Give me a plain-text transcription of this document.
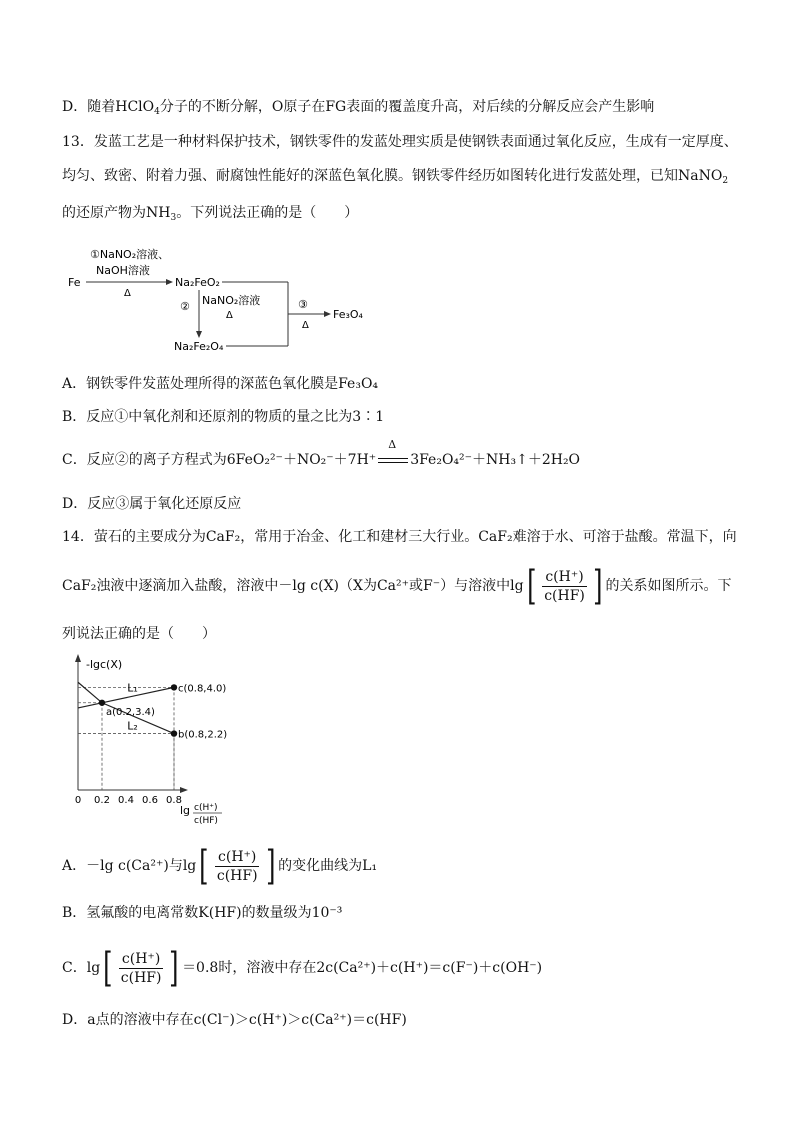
D．随着HClO$_4$分子的不断分解，O原子在FG表面的覆盖度升高，对后续的分解反应会产生影响
13．发蓝工艺是一种材料保护技术，钢铁零件的发蓝处理实质是使钢铁表面通过氧化反应，生成有一定厚度、
均匀、致密、附着力强、耐腐蚀性能好的深蓝色氧化膜。钢铁零件经历如图转化进行发蓝处理，已知NaNO$_2$
的还原产物为$NH_3$。下列说法正确的是（　　）
Fe
①NaNO₂溶液、
NaOH溶液
Δ
Na₂FeO₂
② NaNO₂溶液
Δ
Na₂Fe₂O₄
③
Δ
Fe₃O₄
A．钢铁零件发蓝处理所得的深蓝色氧化膜是Fe₃O₄
B．反应①中氧化剂和还原剂的物质的量之比为3∶1
C．反应②的离子方程式为6FeO₂²⁻＋NO₂⁻＋7H⁺
Δ
3Fe₂O₄²⁻＋NH₃↑＋2H₂O
D．反应③属于氧化还原反应
14．萤石的主要成分为CaF₂，常用于冶金、化工和建材三大行业。CaF₂难溶于水、可溶于盐酸。常温下，向
CaF₂浊液中逐滴加入盐酸，溶液中－lg c(X)（X为Ca²⁺或F⁻）与溶液中$\lg[ \frac{c(H^+)}{c(HF)}$ ] 的关系如图所示。下
列说法正确的是（　　）
-lgc(X)
L₁
L₂
a(0.2,3.4)
c(0.8,4.0)
b(0.8,2.2)
0 0.2 0.4 0.6 0.8
lg c(H⁺)
c(HF)
A．－lg c(Ca²⁺)与$\lg[ \frac{c(H^+)}{c(HF)}$ ] 的变化曲线为L₁
B．氢氟酸的电离常数K(HF)的数量级为10⁻³
C．$\lg[ \frac{c(H^+)}{c(HF)}$ ] ＝0.8时，溶液中存在2c(Ca²⁺)＋c(H⁺)＝c(F⁻)＋c(OH⁻)
D．a点的溶液中存在c(Cl⁻)＞c(H⁺)＞c(Ca²⁺)＝c(HF)
